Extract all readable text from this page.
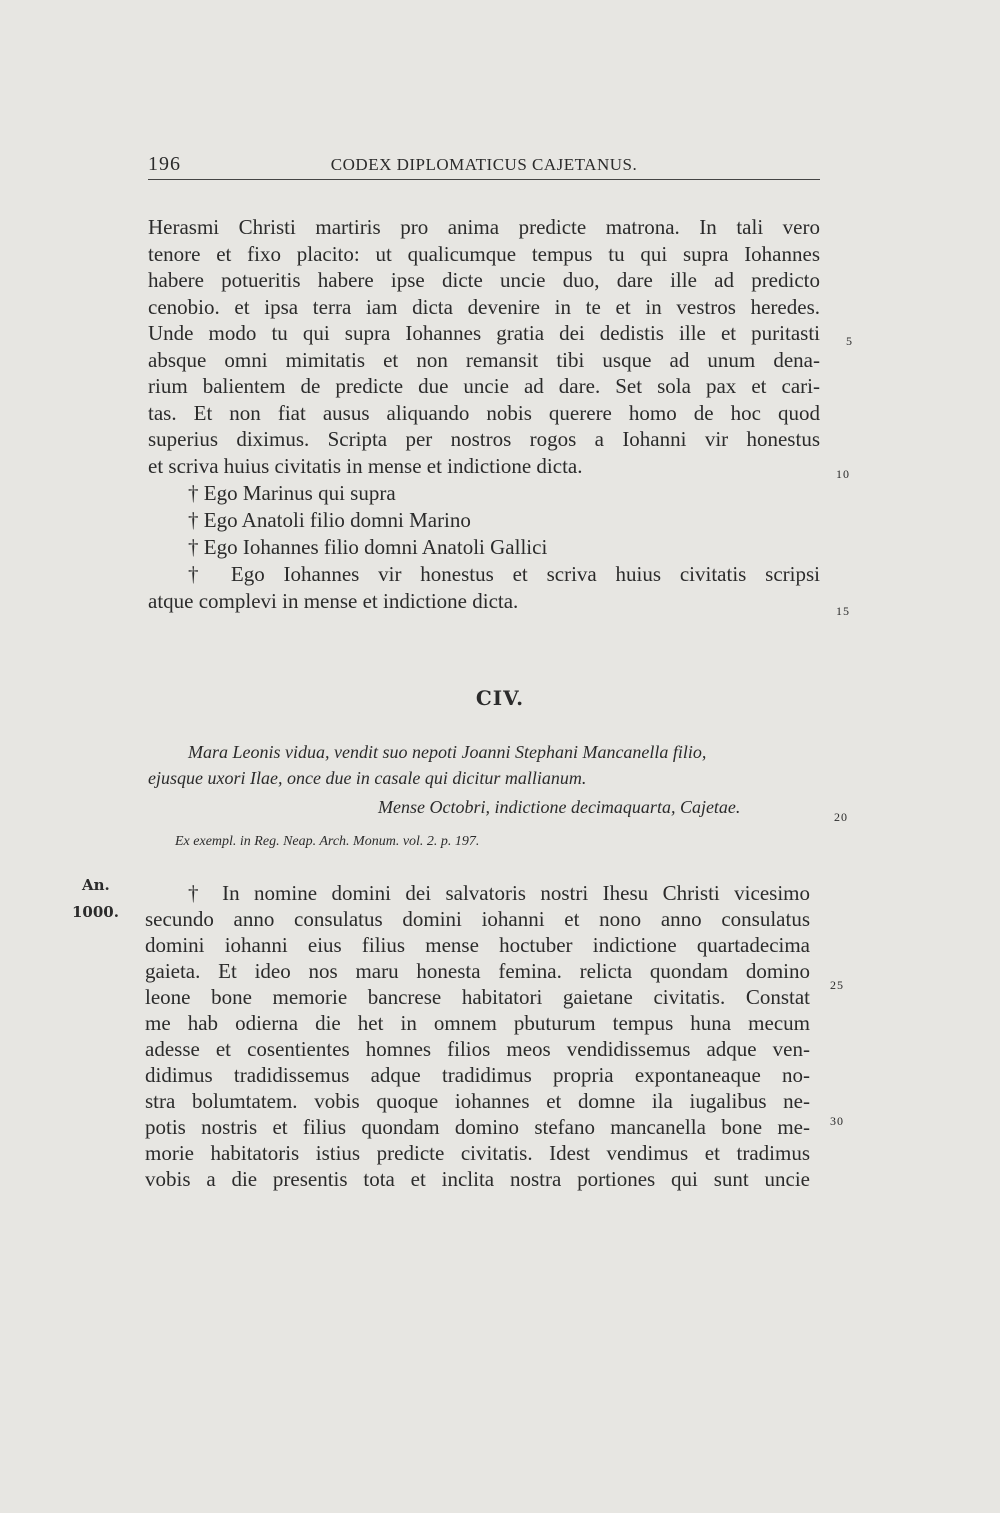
196	CODEX DIPLOMATICUS CAJETANUS.
Herasmi Christi martiris pro anima predicte matrona. In tali vero
tenore et fixo placito: ut qualicumque tempus tu qui supra Iohannes
habere potueritis habere ipse dicte uncie duo, dare ille ad predicto
cenobio. et ipsa terra iam dicta devenire in te et in vestros heredes.
Unde modo tu qui supra Iohannes gratia dei dedistis ille et puritasti
absque omni mimitatis et non remansit tibi usque ad unum dena-
rium balientem de predicte due uncie ad dare. Set sola pax et cari-
tas. Et non fiat ausus aliquando nobis querere homo de hoc quod
superius diximus. Scripta per nostros rogos a Iohanni vir honestus
et scriva huius civitatis in mense et indictione dicta.
† Ego Marinus qui supra
† Ego Anatoli filio domni Marino
† Ego Iohannes filio domni Anatoli Gallici
† Ego Iohannes vir honestus et scriva huius civitatis scripsi
atque complevi in mense et indictione dicta.
CIV.
Mara Leonis vidua, vendit suo nepoti Joanni Stephani Mancanella filio,
ejusque uxori Ilae, once due in casale qui dicitur mallianum.
Mense Octobri, indictione decimaquarta, Cajetae.
Ex exempl. in Reg. Neap. Arch. Monum. vol. 2. p. 197.
An.
1000.
† In nomine domini dei salvatoris nostri Ihesu Christi vicesimo
secundo anno consulatus domini iohanni et nono anno consulatus
domini iohanni eius filius mense hoctuber indictione quartadecima
gaieta. Et ideo nos maru honesta femina. relicta quondam domino
leone bone memorie bancrese habitatori gaietane civitatis. Constat
me hab odierna die het in omnem pbuturum tempus huna mecum
adesse et cosentientes homnes filios meos vendidissemus adque ven-
didimus tradidissemus adque tradidimus propria expontaneaque no-
stra bolumtatem. vobis quoque iohannes et domne ila iugalibus ne-
potis nostris et filius quondam domino stefano mancanella bone me-
morie habitatoris istius predicte civitatis. Idest vendimus et tradimus
vobis a die presentis tota et inclita nostra portiones qui sunt uncie
5
10
15
20
25
30
